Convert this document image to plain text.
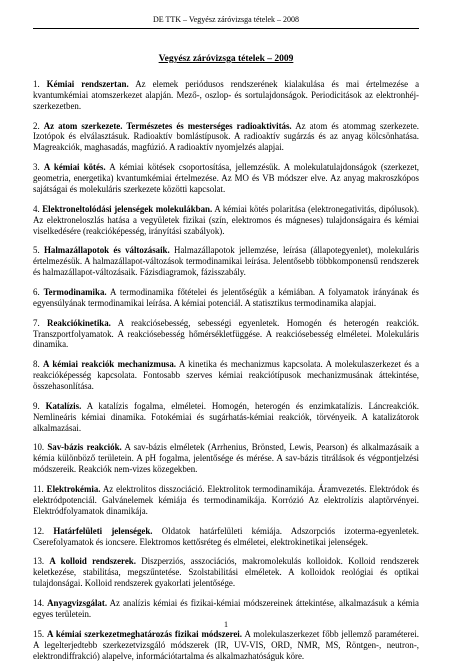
DE TTK – Vegyész záróvizsga tételek – 2008
Vegyész záróvizsga tételek – 2009

1. Kémiai rendszertan. Az elemek periódusos rendszerének kialakulása és mai értelmezése a kvantumkémiai atomszerkezet alapján. Mező-, oszlop- és sortulajdonságok. Periodicitások az elektronhéj-szerkezetben.

2. Az atom szerkezete. Természetes és mesterséges radioaktivitás. Az atom és atommag szerkezete. Izotópok és elválasztásuk. Radioaktív bomlástípusok. A radioaktív sugárzás és az anyag kölcsönhatása. Magreakciók, maghasadás, magfúzió. A radioaktív nyomjelzés alapjai.

3. A kémiai kötés. A kémiai kötések csoportosítása, jellemzésük. A molekulatulajdonságok (szerkezet, geometria, energetika) kvantumkémiai értelmezése. Az MO és VB módszer elve. Az anyag makroszkópos sajátságai és molekuláris szerkezete közötti kapcsolat.

4. Elektroneltolódási jelenségek molekulákban. A kémiai kötés polaritása (elektronegativitás, dipólusok). Az elektroneloszlás hatása a vegyületek fizikai (szín, elektromos és mágneses) tulajdonságaira és kémiai viselkedésére (reakcióképesség, irányítási szabályok).

5. Halmazállapotok és változásaik. Halmazállapotok jellemzése, leírása (állapotegyenlet), molekuláris értelmezésük. A halmazállapot-változások termodinamikai leírása. Jelentősebb többkomponensű rendszerek és halmazállapot-változásaik. Fázisdiagramok, fázisszabály.

6. Termodinamika. A termodinamika főtételei és jelentőségük a kémiában. A folyamatok irányának és egyensúlyának termodinamikai leírása. A kémiai potenciál. A statisztikus termodinamika alapjai.

7. Reakciókinetika. A reakciósebesség, sebességi egyenletek. Homogén és heterogén reakciók. Transzportfolyamatok. A reakciósebesség hőmérsékletfüggése. A reakciósebesség elméletei. Molekuláris dinamika.

8. A kémiai reakciók mechanizmusa. A kinetika és mechanizmus kapcsolata. A molekulaszerkezet és a reakcióképesség kapcsolata. Fontosabb szerves kémiai reakciótípusok mechanizmusának áttekintése, összehasonlítása.

9. Katalízis. A katalízis fogalma, elméletei. Homogén, heterogén és enzimkatalízis. Láncreakciók. Nemlineáris kémiai dinamika. Fotokémiai és sugárhatás-kémiai reakciók, törvényeik. A katalizátorok alkalmazásai.

10. Sav-bázis reakciók. A sav-bázis elméletek (Arrhenius, Brönsted, Lewis, Pearson) és alkalmazásaik a kémia különböző területein. A pH fogalma, jelentősége és mérése. A sav-bázis titrálások és végpontjelzési módszereik. Reakciók nem-vizes közegekben.

11. Elektrokémia. Az elektrolitos disszociáció. Elektrolitok termodinamikája. Áramvezetés. Elektródok és elektródpotenciál. Galvánelemek kémiája és termodinamikája. Korrózió Az elektrolízis alaptörvényei. Elektródfolyamatok dinamikája.

12. Határfelületi jelenségek. Oldatok határfelületi kémiája. Adszorpciós izoterma-egyenletek. Cserefolyamatok és ioncsere. Elektromos kettősréteg és elméletei, elektrokinetikai jelenségek.

13. A kolloid rendszerek. Diszperziós, asszociációs, makromolekulás kolloidok. Kolloid rendszerek keletkezése, stabilitása, megszűntetése. Szolstabilitási elméletek. A kolloidok reológiai és optikai tulajdonságai. Kolloid rendszerek gyakorlati jelentősége.

14. Anyagvizsgálat. Az analízis kémiai és fizikai-kémiai módszereinek áttekintése, alkalmazásuk a kémia egyes területein.

15. A kémiai szerkezetmeghatározás fizikai módszerei. A molekulaszerkezet főbb jellemző paraméterei. A legelterjedtebb szerkezetvizsgáló módszerek (IR, UV-VIS, ORD, NMR, MS, Röntgen-, neutron-, elektrondiffrakció) alapelve, információtartalma és alkalmazhatóságuk köre.

1
